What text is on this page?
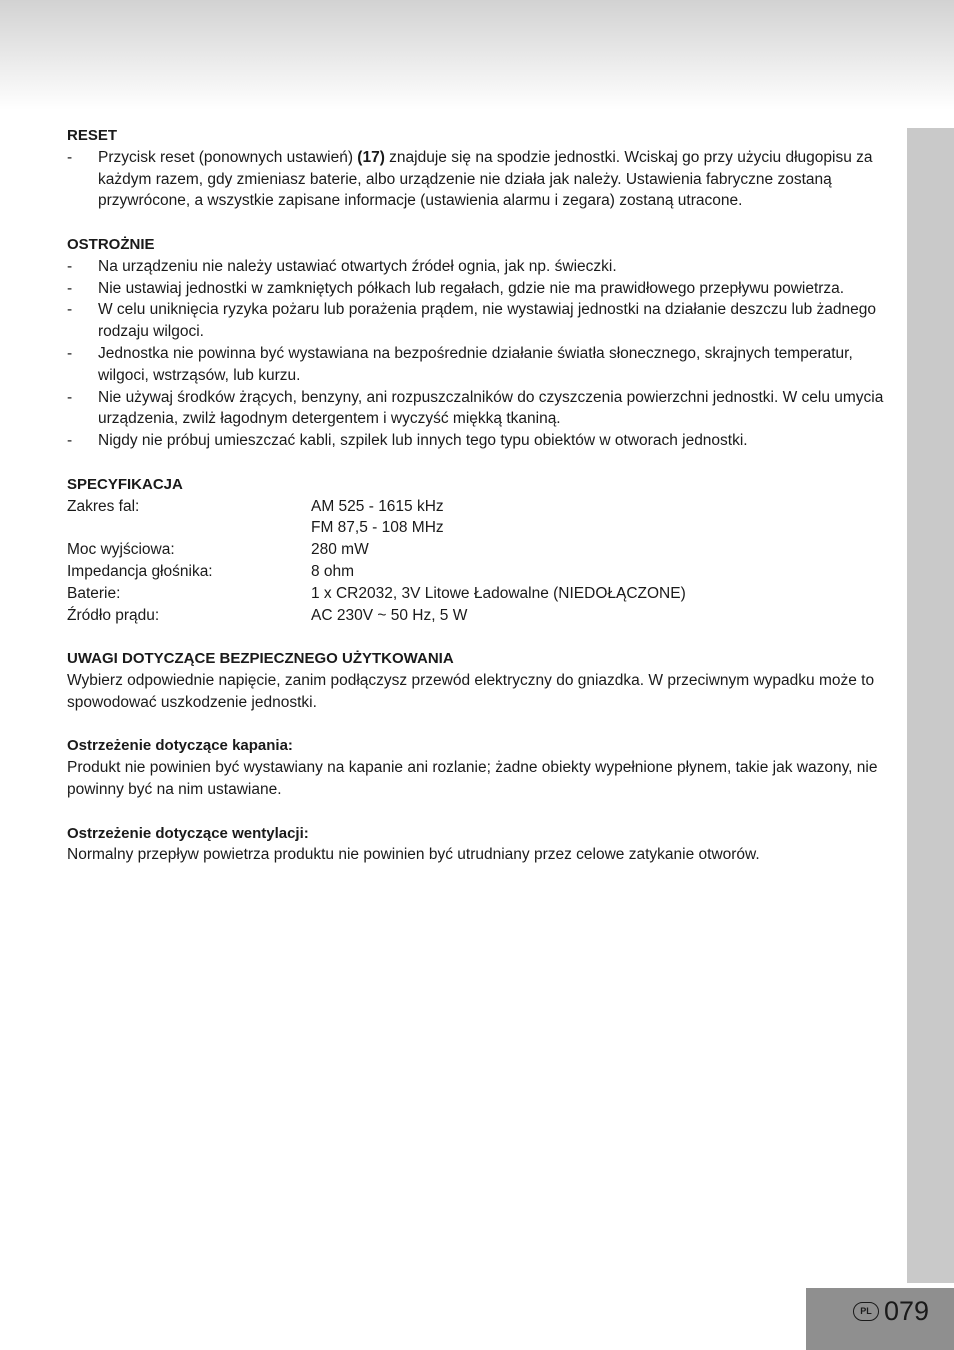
RESET
- Przycisk reset (ponownych ustawień) (17) znajduje się na spodzie jednostki. Wciskaj go przy użyciu długopisu za każdym razem, gdy zmieniasz baterie, albo urządzenie nie działa jak należy. Ustawienia fabryczne zostaną przywrócone, a wszystkie zapisane informacje (ustawienia alarmu i zegara) zostaną utracone.
OSTROŻNIE
- Na urządzeniu nie należy ustawiać otwartych źródeł ognia, jak np. świeczki.
- Nie ustawiaj jednostki w zamkniętych półkach lub regałach, gdzie nie ma prawidłowego przepływu powietrza.
- W celu uniknięcia ryzyka pożaru lub porażenia prądem, nie wystawiaj jednostki na działanie deszczu lub żadnego rodzaju wilgoci.
- Jednostka nie powinna być wystawiana na bezpośrednie działanie światła słonecznego, skrajnych temperatur, wilgoci, wstrząsów, lub kurzu.
- Nie używaj środków żrących, benzyny, ani rozpuszczalników do czyszczenia powierzchni jednostki. W celu umycia urządzenia, zwilż łagodnym detergentem i wyczyść miękką tkaniną.
- Nigdy nie próbuj umieszczać kabli, szpilek lub innych tego typu obiektów w otworach jednostki.
SPECYFIKACJA
Zakres fal:	AM 525 - 1615 kHz
FM 87,5 - 108 MHz
Moc wyjściowa:	280 mW
Impedancja głośnika:	8 ohm
Baterie:	1 x CR2032, 3V Litowe Ładowalne (NIEDOŁĄCZONE)
Źródło prądu:	AC 230V ~ 50 Hz, 5 W
UWAGI DOTYCZĄCE BEZPIECZNEGO UŻYTKOWANIA

Wybierz odpowiednie napięcie, zanim podłączysz przewód elektryczny do gniazdka. W przeciwnym wypadku może to spowodować uszkodzenie jednostki.

Ostrzeżenie dotyczące kapania:

Produkt nie powinien być wystawiany na kapanie ani rozlanie; żadne obiekty wypełnione płynem, takie jak wazony, nie powinny być na nim ustawiane.

Ostrzeżenie dotyczące wentylacji:

Normalny przepływ powietrza produktu nie powinien być utrudniany przez celowe zatykanie otworów.

PL 079
